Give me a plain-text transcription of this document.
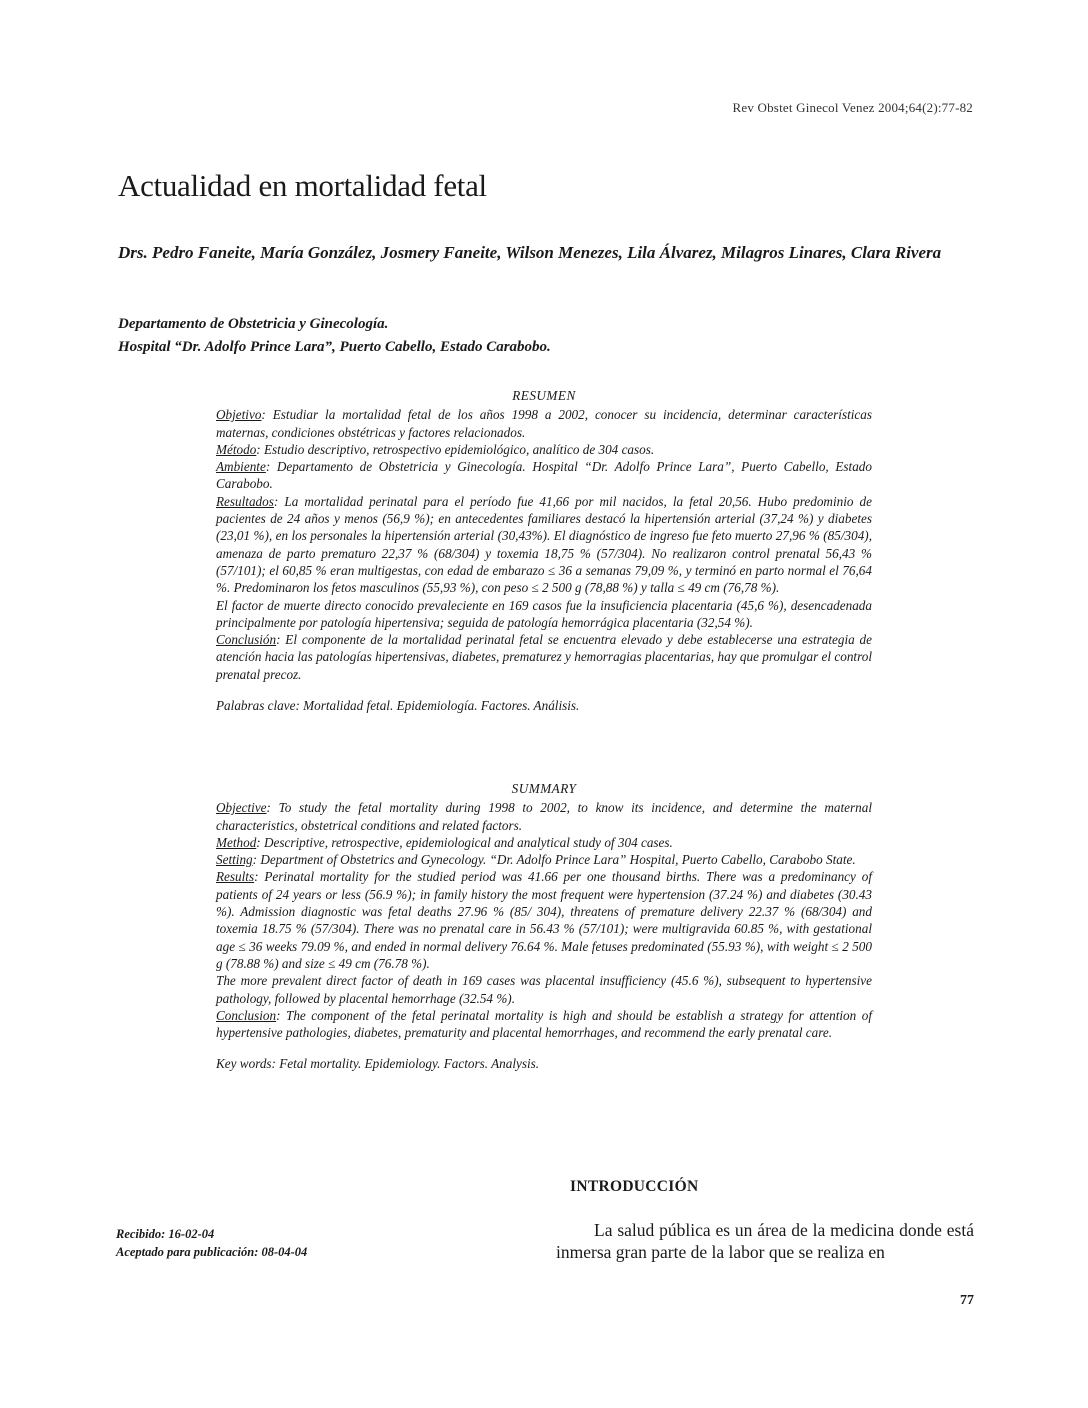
Rev Obstet Ginecol Venez 2004;64(2):77-82
Actualidad en mortalidad fetal

Drs. Pedro Faneite, María González, Josmery Faneite, Wilson Menezes, Lila Álvarez, Milagros Linares, Clara Rivera

Departamento de Obstetricia y Ginecología.
Hospital “Dr. Adolfo Prince Lara”, Puerto Cabello, Estado Carabobo.
RESUMEN

Objetivo: Estudiar la mortalidad fetal de los años 1998 a 2002, conocer su incidencia, determinar características maternas, condiciones obstétricas y factores relacionados.

Método: Estudio descriptivo, retrospectivo epidemiológico, analítico de 304 casos.

Ambiente: Departamento de Obstetricia y Ginecología. Hospital “Dr. Adolfo Prince Lara”, Puerto Cabello, Estado Carabobo.

Resultados: La mortalidad perinatal para el período fue 41,66 por mil nacidos, la fetal 20,56. Hubo predominio de pacientes de 24 años y menos (56,9 %); en antecedentes familiares destacó la hipertensión arterial (37,24 %) y diabetes (23,01 %), en los personales la hipertensión arterial (30,43%). El diagnóstico de ingreso fue feto muerto 27,96 % (85/304), amenaza de parto prematuro 22,37 % (68/304) y toxemia 18,75 % (57/304). No realizaron control prenatal 56,43 % (57/101); el 60,85 % eran multigestas, con edad de embarazo ≤ 36 a semanas 79,09 %, y terminó en parto normal el 76,64 %. Predominaron los fetos masculinos (55,93 %), con peso ≤ 2 500 g (78,88 %) y talla ≤ 49 cm (76,78 %).

El factor de muerte directo conocido prevaleciente en 169 casos fue la insuficiencia placentaria (45,6 %), desencadenada principalmente por patología hipertensiva; seguida de patología hemorrágica placentaria (32,54 %).

Conclusión: El componente de la mortalidad perinatal fetal se encuentra elevado y debe establecerse una estrategia de atención hacia las patologías hipertensivas, diabetes, prematurez y hemorragias placentarias, hay que promulgar el control prenatal precoz.

Palabras clave: Mortalidad fetal. Epidemiología. Factores. Análisis.

SUMMARY

Objective: To study the fetal mortality during 1998 to 2002, to know its incidence, and determine the maternal characteristics, obstetrical conditions and related factors.

Method: Descriptive, retrospective, epidemiological and analytical study of 304 cases.

Setting: Department of Obstetrics and Gynecology. “Dr. Adolfo Prince Lara” Hospital, Puerto Cabello, Carabobo State.

Results: Perinatal mortality for the studied period was 41.66 per one thousand births. There was a predominancy of patients of 24 years or less (56.9 %); in family history the most frequent were hypertension (37.24 %) and diabetes (30.43 %). Admission diagnostic was fetal deaths 27.96 % (85/ 304), threatens of premature delivery 22.37 % (68/304) and toxemia 18.75 % (57/304). There was no prenatal care in 56.43 % (57/101); were multigravida 60.85 %, with gestational age ≤ 36 weeks 79.09 %, and ended in normal delivery 76.64 %. Male fetuses predominated (55.93 %), with weight ≤ 2 500 g (78.88 %) and size ≤ 49 cm (76.78 %).

The more prevalent direct factor of death in 169 cases was placental insufficiency (45.6 %), subsequent to hypertensive pathology, followed by placental hemorrhage (32.54 %).

Conclusion: The component of the fetal perinatal mortality is high and should be establish a strategy for attention of hypertensive pathologies, diabetes, prematurity and placental hemorrhages, and recommend the early prenatal care.

Key words: Fetal mortality. Epidemiology. Factors. Analysis.

INTRODUCCIÓN

La salud pública es un área de la medicina donde está inmersa gran parte de la labor que se realiza en

Recibido: 16-02-04
Aceptado para publicación: 08-04-04
77
